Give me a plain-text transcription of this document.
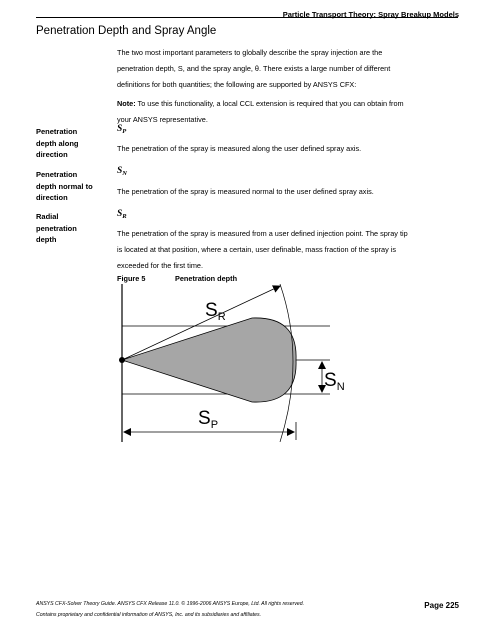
Particle Transport Theory: Spray Breakup Models
Penetration Depth and Spray Angle
The two most important parameters to globally describe the spray injection are the
penetration depth, S, and the spray angle, θ. There exists a large number of different
definitions for both quantities; the following are supported by ANSYS CFX:
Note: To use this functionality, a local CCL extension is required that you can obtain from
your ANSYS representative.
Penetration
depth along
direction
$S_P$
The penetration of the spray is measured along the user defined spray axis.
Penetration
depth normal to
direction
$S_N$
The penetration of the spray is measured normal to the user defined spray axis.
Radial
penetration
depth
$S_R$
The penetration of the spray is measured from a user defined injection point. The spray tip
is located at that position, where a certain, user definable, mass fraction of the spray is
exceeded for the first time.
Figure 5	Penetration depth
$S_R$
$S_N$
$S_P$
ANSYS CFX-Solver Theory Guide. ANSYS CFX Release 11.0. © 1996-2006 ANSYS Europe, Ltd. All rights reserved.
Contains proprietary and confidential information of ANSYS, Inc. and its subsidiaries and affiliates.
Page 225
